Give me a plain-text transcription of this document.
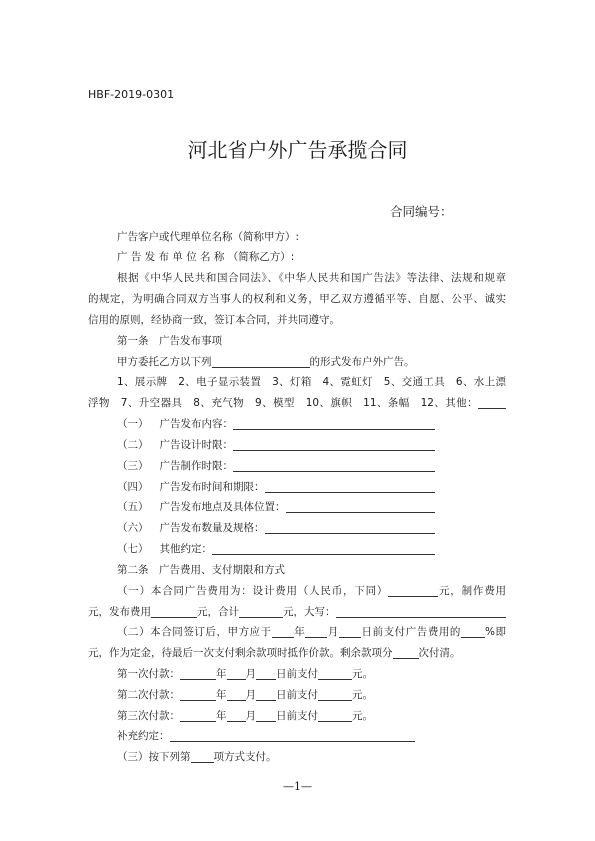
HBF-2019-0301
河北省户外广告承揽合同
合同编号：
广告客户或代理单位名称（简称甲方）:
广 告 发 布 单 位 名 称 （简称乙方）:
根据《中华人民共和国合同法》、《中华人民共和国广告法》等法律、法规和规章
的规定，为明确合同双方当事人的权利和义务，甲乙双方遵循平等、自愿、公平、诚实
信用的原则，经协商一致，签订本合同，并共同遵守。
第一条　广告发布事项
甲方委托乙方以下列	的形式发布户外广告。
1、展示牌　2、电子显示装置　3、灯箱　4、霓虹灯　5、交通工具　6、水上漂
浮物　7、升空器具　8、充气物　9、模型　10、旗帜　11、条幅　12、其他：
（一） 广告发布内容：
（二） 广告设计时限：
（三） 广告制作时限：
（四） 广告发布时间和期限：
（五） 广告发布地点及具体位置：
（六） 广告发布数量及规格：
（七） 其他约定：
第二条　广告费用、支付期限和方式
（一）本合同广告费用为：设计费用（人民币，下同）	元，制作费用
元，发布费用	元，合计	元，大写：
（二）本合同签订后，甲方应于 年 月 日前支付广告费用的 %即
元，作为定金，待最后一次支付剩余款项时抵作价款。剩余款项分 次付清。
第一次付款：	年 月 日前支付	元。
第二次付款：	年 月 日前支付	元。
第三次付款：	年 月 日前支付	元。
补充约定：
（三）按下列第 项方式支付。
—1—
